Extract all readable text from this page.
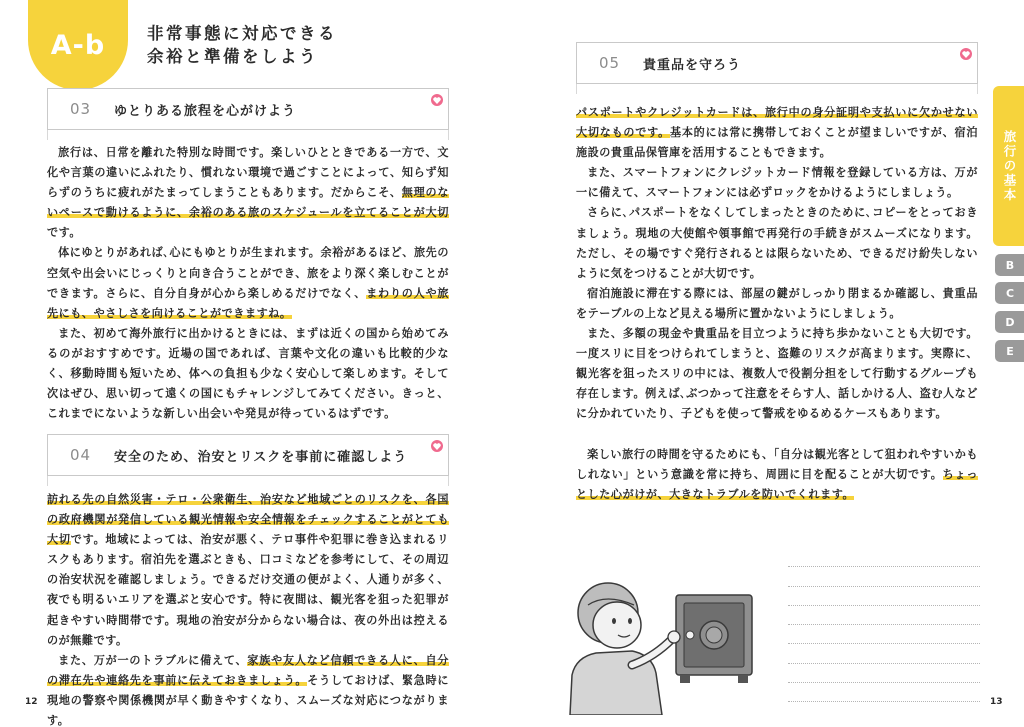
A-b	非常事態に対応できる
余裕と準備をしよう
03	ゆとりある旅程を心がけよう

旅行は、日常を離れた特別な時間です。楽しいひとときである一方で、文化や言葉の違いにふれたり、慣れない環境で過ごすことによって、知らず知らずのうちに疲れがたまってしまうこともあります。だからこそ、無理のないペースで動けるように、余裕のある旅のスケジュールを立てることが大切です。

体にゆとりがあれば､心にもゆとりが生まれます。余裕があるほど、旅先の空気や出会いにじっくりと向き合うことができ、旅をより深く楽しむことができます。さらに、自分自身が心から楽しめるだけでなく、まわりの人や旅先にも、やさしさを向けることができますね。

また、初めて海外旅行に出かけるときには、まずは近くの国から始めてみるのがおすすめです。近場の国であれば、言葉や文化の違いも比較的少なく、移動時間も短いため、体への負担も少なく安心して楽しめます。そして次はぜひ、思い切って遠くの国にもチャレンジしてみてください。きっと、これまでにないような新しい出会いや発見が待っているはずです。

04	安全のため、治安とリスクを事前に確認しよう

訪れる先の自然災害・テロ・公衆衛生、治安など地域ごとのリスクを、各国の政府機関が発信している観光情報や安全情報をチェックすることがとても大切です。地域によっては、治安が悪く、テロ事件や犯罪に巻き込まれるリスクもあります。宿泊先を選ぶときも、口コミなどを参考にして、その周辺の治安状況を確認しましょう。できるだけ交通の便がよく、人通りが多く、夜でも明るいエリアを選ぶと安心です。特に夜間は、観光客を狙った犯罪が起きやすい時間帯です。現地の治安が分からない場合は、夜の外出は控えるのが無難です。

また、万が一のトラブルに備えて、家族や友人など信頼できる人に、自分の滞在先や連絡先を事前に伝えておきましょう。そうしておけば、緊急時に現地の警察や関係機関が早く動きやすくなり、スムーズな対応につながります。

12
05	貴重品を守ろう

パスポートやクレジットカードは、旅行中の身分証明や支払いに欠かせない大切なものです。基本的には常に携帯しておくことが望ましいですが、宿泊施設の貴重品保管庫を活用することもできます。

また、スマートフォンにクレジットカード情報を登録している方は、万が一に備えて、スマートフォンには必ずロックをかけるようにしましょう。

さらに､パスポートをなくしてしまったときのために､コピーをとっておきましょう。現地の大使館や領事館で再発行の手続きがスムーズになります。ただし、その場ですぐ発行されるとは限らないため、できるだけ紛失しないように気をつけることが大切です。

宿泊施設に滞在する際には、部屋の鍵がしっかり閉まるか確認し、貴重品をテーブルの上など見える場所に置かないようにしましょう。

また、多額の現金や貴重品を目立つように持ち歩かないことも大切です。一度スリに目をつけられてしまうと、盗難のリスクが高まります。実際に、観光客を狙ったスリの中には、複数人で役割分担をして行動するグループも存在します。例えば､ぶつかって注意をそらす人、話しかける人、盗む人などに分かれていたり、子どもを使って警戒をゆるめるケースもあります。

楽しい旅行の時間を守るためにも、「自分は観光客として狙われやすいかもしれない」という意識を常に持ち、周囲に目を配ることが大切です。ちょっとした心がけが、大きなトラブルを防いでくれます。

13
旅行の基本
B
C
D
E
